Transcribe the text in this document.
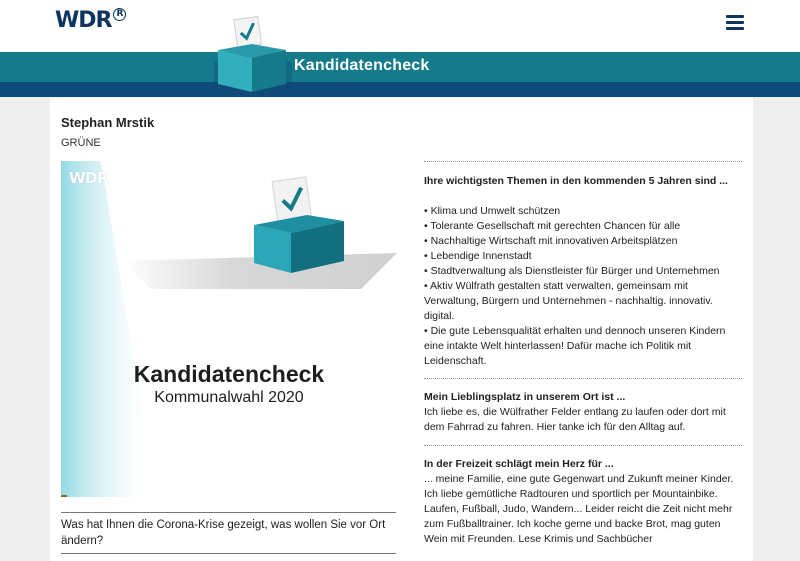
WDR R
Kandidatencheck
Stephan Mrstik
GRÜNE
WDR
Kandidatencheck
Kommunalwahl 2020
Was hat Ihnen die Corona-Krise gezeigt, was wollen Sie vor Ort ändern?
Ihre wichtigsten Themen in den kommenden 5 Jahren sind ...
• Klima und Umwelt schützen
• Tolerante Gesellschaft mit gerechten Chancen für alle
• Nachhaltige Wirtschaft mit innovativen Arbeitsplätzen
• Lebendige Innenstadt
• Stadtverwaltung als Dienstleister für Bürger und Unternehmen
• Aktiv Wülfrath gestalten statt verwalten, gemeinsam mit Verwaltung, Bürgern und Unternehmen - nachhaltig. innovativ. digital.
• Die gute Lebensqualität erhalten und dennoch unseren Kindern eine intakte Welt hinterlassen! Dafür mache ich Politik mit Leidenschaft.
Mein Lieblingsplatz in unserem Ort ist ...
Ich liebe es, die Wülfrather Felder entlang zu laufen oder dort mit dem Fahrrad zu fahren. Hier tanke ich für den Alltag auf.
In der Freizeit schlägt mein Herz für ...
... meine Familie, eine gute Gegenwart und Zukunft meiner Kinder. Ich liebe gemütliche Radtouren und sportlich per Mountainbike. Laufen, Fußball, Judo, Wandern... Leider reicht die Zeit nicht mehr zum Fußballtrainer. Ich koche gerne und backe Brot, mag guten Wein mit Freunden. Lese Krimis und Sachbücher
